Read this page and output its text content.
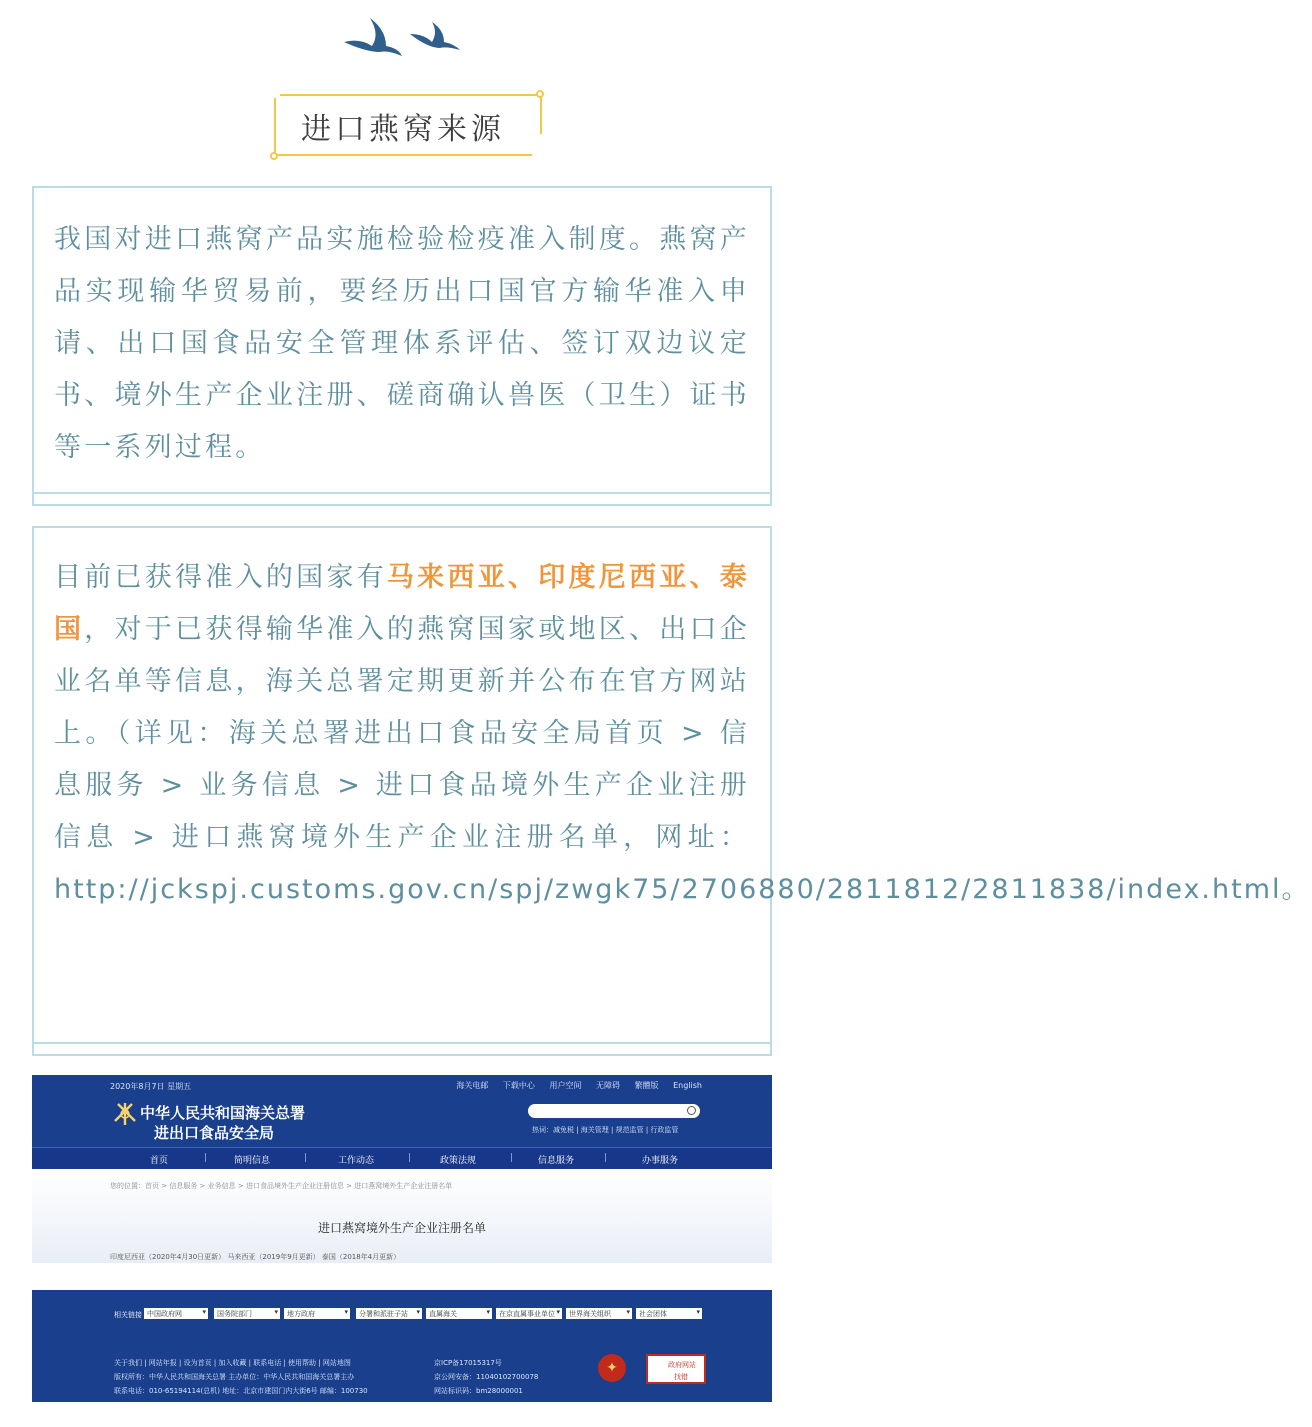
进口燕窝来源

我国对进口燕窝产品实施检验检疫准入制度。燕窝产品实现输华贸易前，要经历出口国官方输华准入申请、出口国食品安全管理体系评估、签订双边议定书、境外生产企业注册、磋商确认兽医（卫生）证书等一系列过程。

目前已获得准入的国家有马来西亚、印度尼西亚、泰国，对于已获得输华准入的燕窝国家或地区、出口企业名单等信息，海关总署定期更新并公布在官方网站上。（详见：海关总署进出口食品安全局首页 > 信息服务 > 业务信息 > 进口食品境外生产企业注册信息 > 进口燕窝境外生产企业注册名单，网址：http://jckspj.customs.gov.cn/spj/zwgk75/2706880/2811812/2811838/index.html。

2020年8月7日 星期五	海关电邮 下载中心 用户空间 无障碍 繁體版 English
中华人民共和国海关总署
进出口食品安全局	热词：减免税 | 海关管理 | 规范监管 | 行政监管
首页	|	简明信息	|	工作动态	|	政策法规	|	信息服务	|	办事服务
您的位置：首页 > 信息服务 > 业务信息 > 进口食品境外生产企业注册信息 > 进口燕窝境外生产企业注册名单
进口燕窝境外生产企业注册名单
印度尼西亚（2020年4月30日更新） 马来西亚（2019年9月更新） 泰国（2018年4月更新）
相关链接 中国政府网 ▾	国务院部门 ▾	地方政府 ▾	分署和派驻子站 ▾	直属海关 ▾	在京直属事业单位 ▾	世界海关组织 ▾	社会团体 ▾
关于我们 | 网站年报 | 设为首页 | 加入收藏 | 联系电话 | 使用帮助 | 网站地图
版权所有：中华人民共和国海关总署 主办单位：中华人民共和国海关总署主办
联系电话：010-65194114(总机) 地址：北京市建国门内大街6号 邮编：100730
京ICP备17015317号
京公网安备：11040102700078
网站标识码：bm28000001
✦	政府网站
找错
